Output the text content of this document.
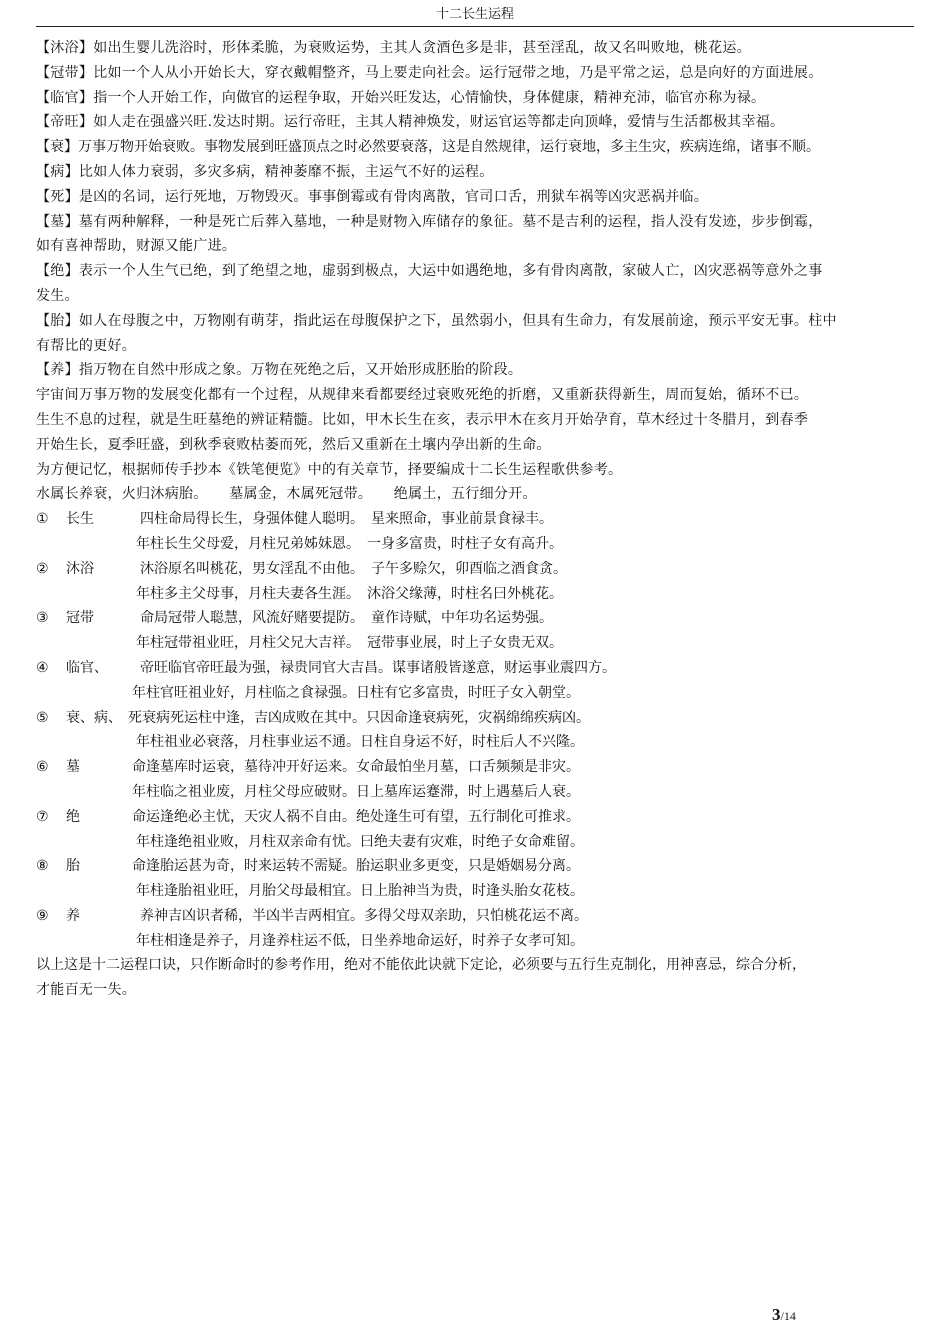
十二长生运程
【沐浴】如出生婴儿洗浴时，形体柔脆，为衰败运势，主其人贪酒色多是非，甚至淫乱，故又名叫败地，桃花运。
【冠带】比如一个人从小开始长大，穿衣戴帽整齐，马上要走向社会。运行冠带之地，乃是平常之运，总是向好的方面进展。
【临官】指一个人开始工作，向做官的运程争取，开始兴旺发达，心情愉快，身体健康，精神充沛，临官亦称为禄。
【帝旺】如人走在强盛兴旺.发达时期。运行帝旺，主其人精神焕发，财运官运等都走向顶峰，爱情与生活都极其幸福。
【衰】万事万物开始衰败。事物发展到旺盛顶点之时必然要衰落，这是自然规律，运行衰地，多主生灾，疾病连绵，诸事不顺。
【病】比如人体力衰弱，多灾多病，精神萎靡不振，主运气不好的运程。
【死】是凶的名词，运行死地，万物毁灭。事事倒霉或有骨肉离散，官司口舌，刑狱车祸等凶灾恶祸并临。
【墓】墓有两种解释，一种是死亡后葬入墓地，一种是财物入库储存的象征。墓不是吉利的运程，指人没有发迹，步步倒霉，
如有喜神帮助，财源又能广进。
【绝】表示一个人生气已绝，到了绝望之地，虚弱到极点，大运中如遇绝地，多有骨肉离散，家破人亡，凶灾恶祸等意外之事
发生。
【胎】如人在母腹之中，万物刚有萌芽，指此运在母腹保护之下，虽然弱小，但具有生命力，有发展前途，预示平安无事。柱中
有帮比的更好。
【养】指万物在自然中形成之象。万物在死绝之后，又开始形成胚胎的阶段。
宇宙间万事万物的发展变化都有一个过程，从规律来看都要经过衰败死绝的折磨，又重新获得新生，周而复始，循环不已。
生生不息的过程，就是生旺墓绝的辨证精髓。比如，甲木长生在亥，表示甲木在亥月开始孕育，草木经过十冬腊月，到春季
开始生长，夏季旺盛，到秋季衰败枯萎而死，然后又重新在土壤内孕出新的生命。
为方便记忆，根据师传手抄本《铁笔便览》中的有关章节，择要编成十二长生运程歌供参考。
水属长养衰，火归沐病胎。　　墓属金，木属死冠带。　　绝属土，五行细分开。
①	长生	四柱命局得长生，身强体健人聪明。　星来照命，事业前景食禄丰。
年柱长生父母爱，月柱兄弟姊妹恩。　一身多富贵，时柱子女有高升。
②	沐浴	沐浴原名叫桃花，男女淫乱不由他。　子午多赊欠，卯酉临之酒食贪。
年柱多主父母事，月柱夫妻各生涯。　沐浴父缘薄，时柱名曰外桃花。
③	冠带	命局冠带人聪慧，风流好赌要提防。　童作诗赋，中年功名运势强。
年柱冠带祖业旺，月柱父兄大吉祥。　冠带事业展，时上子女贵无双。
④	临官、	帝旺临官帝旺最为强，禄贵同官大吉昌。谋事诸般皆遂意，财运事业震四方。
年柱官旺祖业好，月柱临之食禄强。日柱有它多富贵，时旺子女入朝堂。
⑤	衰、病、 死衰病死运柱中逢，吉凶成败在其中。只因命逢衰病死，灾祸绵绵疾病凶。
年柱祖业必衰落，月柱事业运不通。日柱自身运不好，时柱后人不兴隆。
⑥	墓	命逢墓库时运衰，墓待冲开好运来。女命最怕坐月墓，口舌频频是非灾。
年柱临之祖业废，月柱父母应破财。日上墓库运蹇滞，时上遇墓后人衰。
⑦	绝	命运逢绝必主忧，天灾人祸不自由。绝处逢生可有望，五行制化可推求。
年柱逢绝祖业败，月柱双亲命有忧。曰绝夫妻有灾难，时绝子女命难留。
⑧	胎	命逢胎运甚为奇，时来运转不需疑。胎运职业多更变，只是婚姻易分离。
年柱逢胎祖业旺，月胎父母最相宜。日上胎神当为贵，时逢头胎女花枝。
⑨	养	养神吉凶识者稀，半凶半吉两相宜。多得父母双亲助，只怕桃花运不离。
年柱相逢是养子，月逢养柱运不低，日坐养地命运好，时养子女孝可知。
以上这是十二运程口诀，只作断命时的参考作用，绝对不能依此诀就下定论，必须要与五行生克制化，用神喜忌，综合分析，
才能百无一失。
3/14
